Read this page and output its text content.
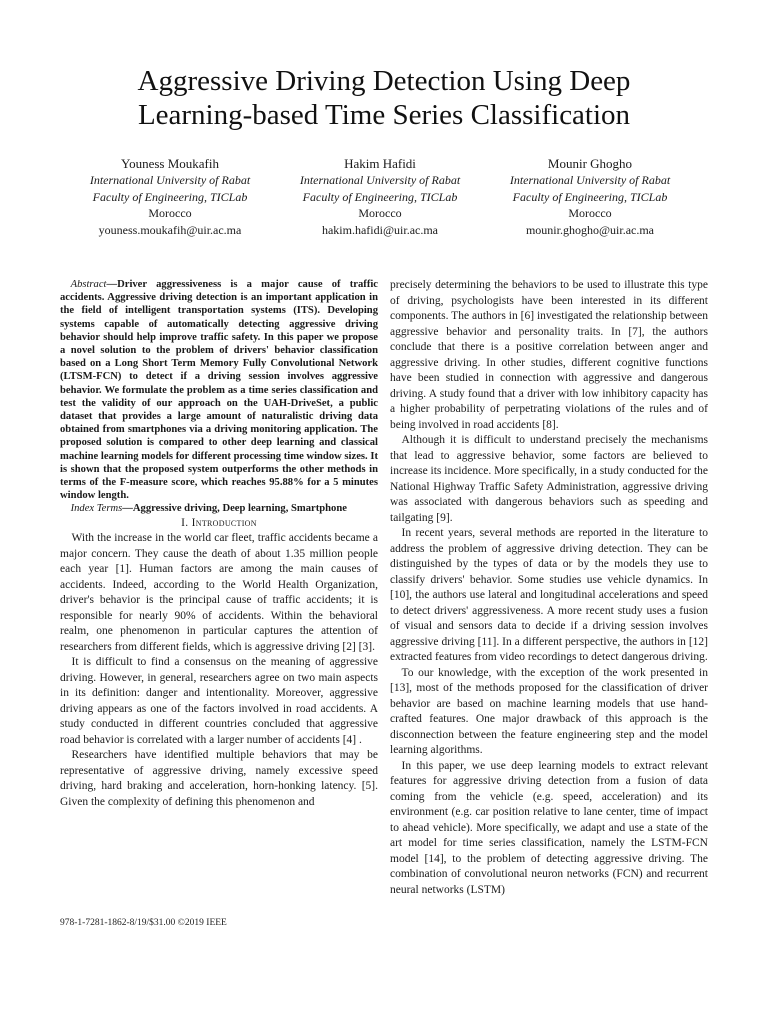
Aggressive Driving Detection Using Deep
Learning-based Time Series Classification
Youness Moukafih
International University of Rabat
Faculty of Engineering, TICLab
Morocco
youness.moukafih@uir.ac.ma
Hakim Hafidi
International University of Rabat
Faculty of Engineering, TICLab
Morocco
hakim.hafidi@uir.ac.ma
Mounir Ghogho
International University of Rabat
Faculty of Engineering, TICLab
Morocco
mounir.ghogho@uir.ac.ma

Abstract—Driver aggressiveness is a major cause of traffic accidents. Aggressive driving detection is an important application in the field of intelligent transportation systems (ITS). Developing systems capable of automatically detecting aggressive driving behavior should help improve traffic safety. In this paper we propose a novel solution to the problem of drivers' behavior classification based on a Long Short Term Memory Fully Convolutional Network (LTSM-FCN) to detect if a driving session involves aggressive behavior. We formulate the problem as a time series classification and test the validity of our approach on the UAH-DriveSet, a public dataset that provides a large amount of naturalistic driving data obtained from smartphones via a driving monitoring application. The proposed solution is compared to other deep learning and classical machine learning models for different processing time window sizes. It is shown that the proposed system outperforms the other methods in terms of the F-measure score, which reaches 95.88% for a 5 minutes window length.

Index Terms—Aggressive driving, Deep learning, Smartphone

I. Introduction

With the increase in the world car fleet, traffic accidents became a major concern. They cause the death of about 1.35 million people each year [1]. Human factors are among the main causes of accidents. Indeed, according to the World Health Organization, driver's behavior is the principal cause of traffic accidents; it is responsible for nearly 90% of accidents. Within the behavioral realm, one phenomenon in particular captures the attention of researchers from different fields, which is aggressive driving [2] [3].

It is difficult to find a consensus on the meaning of aggressive driving. However, in general, researchers agree on two main aspects in its definition: danger and intentionality. Moreover, aggressive driving appears as one of the factors involved in road accidents. A study conducted in different countries concluded that aggressive road behavior is correlated with a larger number of accidents [4] .

Researchers have identified multiple behaviors that may be representative of aggressive driving, namely excessive speed driving, hard braking and acceleration, horn-honking latency. [5]. Given the complexity of defining this phenomenon and

precisely determining the behaviors to be used to illustrate this type of driving, psychologists have been interested in its different components. The authors in [6] investigated the relationship between aggressive behavior and personality traits. In [7], the authors conclude that there is a positive correlation between anger and aggressive driving. In other studies, different cognitive functions have been studied in connection with aggressive and dangerous driving. A study found that a driver with low inhibitory capacity has a higher probability of perpetrating violations of the rules and of being involved in road accidents [8].

Although it is difficult to understand precisely the mechanisms that lead to aggressive behavior, some factors are believed to increase its incidence. More specifically, in a study conducted for the National Highway Traffic Safety Administration, aggressive driving was associated with dangerous behaviors such as speeding and tailgating [9].

In recent years, several methods are reported in the literature to address the problem of aggressive driving detection. They can be distinguished by the types of data or by the models they use to classify drivers' behavior. Some studies use vehicle dynamics. In [10], the authors use lateral and longitudinal accelerations and speed to detect drivers' aggressiveness. A more recent study uses a fusion of visual and sensors data to decide if a driving session involves aggressive driving [11]. In a different perspective, the authors in [12] extracted features from video recordings to detect dangerous driving.

To our knowledge, with the exception of the work presented in [13], most of the methods proposed for the classification of driver behavior are based on machine learning models that use hand-crafted features. One major drawback of this approach is the disconnection between the feature engineering step and the model learning algorithms.

In this paper, we use deep learning models to extract relevant features for aggressive driving detection from a fusion of data coming from the vehicle (e.g. speed, acceleration) and its environment (e.g. car position relative to lane center, time of impact to ahead vehicle). More specifically, we adapt and use a state of the art model for time series classification, namely the LSTM-FCN model [14], to the problem of detecting aggressive driving. The combination of convolutional neuron networks (FCN) and recurrent neural networks (LSTM)

978-1-7281-1862-8/19/$31.00 ©2019 IEEE
